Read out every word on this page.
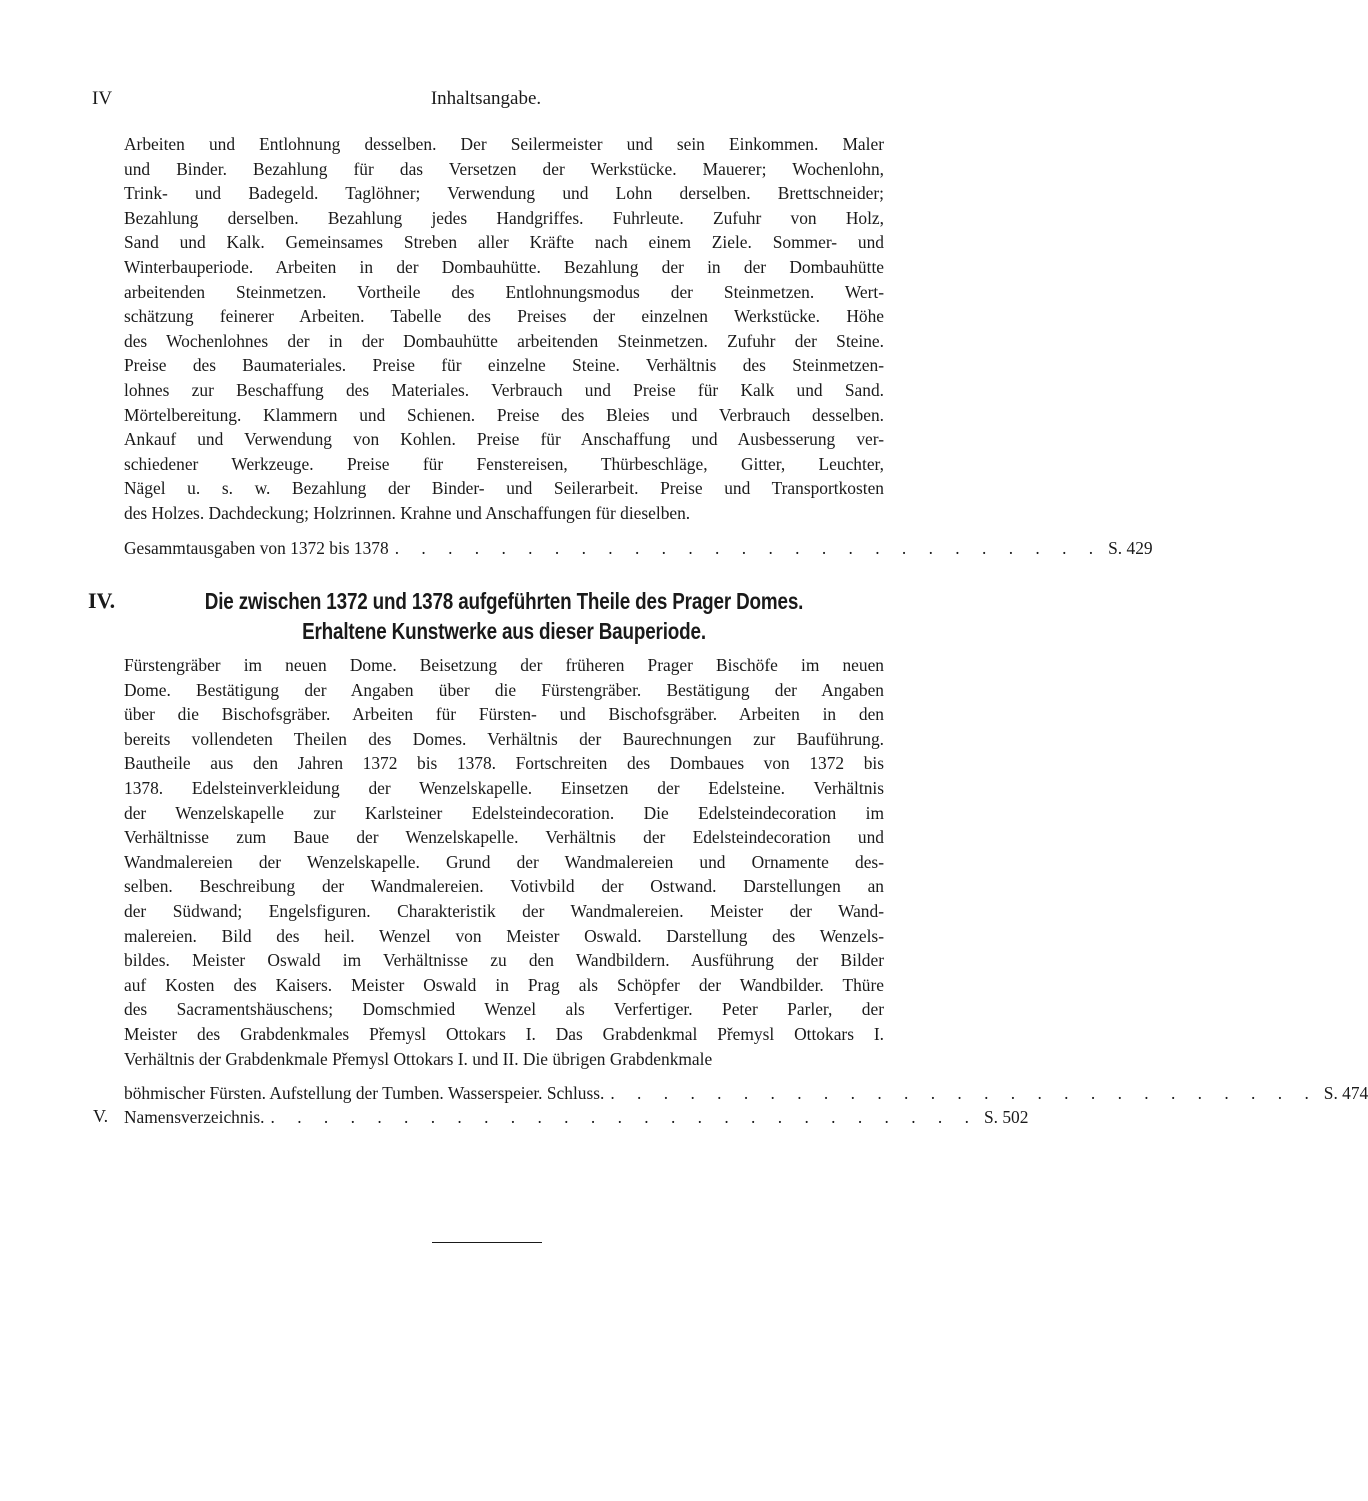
IV	Inhaltsangabe.
Arbeiten und Entlohnung desselben. Der Seilermeister und sein Einkommen. Maler
und Binder. Bezahlung für das Versetzen der Werkstücke. Mauerer; Wochenlohn,
Trink- und Badegeld. Taglöhner; Verwendung und Lohn derselben. Brettschneider;
Bezahlung derselben. Bezahlung jedes Handgriffes. Fuhrleute. Zufuhr von Holz,
Sand und Kalk. Gemeinsames Streben aller Kräfte nach einem Ziele. Sommer- und
Winterbauperiode. Arbeiten in der Dombauhütte. Bezahlung der in der Dombauhütte
arbeitenden Steinmetzen. Vortheile des Entlohnungsmodus der Steinmetzen. Wert-
schätzung feinerer Arbeiten. Tabelle des Preises der einzelnen Werkstücke. Höhe
des Wochenlohnes der in der Dombauhütte arbeitenden Steinmetzen. Zufuhr der Steine.
Preise des Baumateriales. Preise für einzelne Steine. Verhältnis des Steinmetzen-
lohnes zur Beschaffung des Materiales. Verbrauch und Preise für Kalk und Sand.
Mörtelbereitung. Klammern und Schienen. Preise des Bleies und Verbrauch desselben.
Ankauf und Verwendung von Kohlen. Preise für Anschaffung und Ausbesserung ver-
schiedener Werkzeuge. Preise für Fenstereisen, Thürbeschläge, Gitter, Leuchter,
Nägel u. s. w. Bezahlung der Binder- und Seilerarbeit. Preise und Transportkosten
des Holzes. Dachdeckung; Holzrinnen. Krahne und Anschaffungen für dieselben.
Gesammtausgaben von 1372 bis 1378 . . . . . . . . . . . . . . . . . . . . . . . . . . . S. 429
IV.	Die zwischen 1372 und 1378 aufgeführten Theile des Prager Domes.
Erhaltene Kunstwerke aus dieser Bauperiode.
Fürstengräber im neuen Dome. Beisetzung der früheren Prager Bischöfe im neuen
Dome. Bestätigung der Angaben über die Fürstengräber. Bestätigung der Angaben
über die Bischofsgräber. Arbeiten für Fürsten- und Bischofsgräber. Arbeiten in den
bereits vollendeten Theilen des Domes. Verhältnis der Baurechnungen zur Bauführung.
Bautheile aus den Jahren 1372 bis 1378. Fortschreiten des Dombaues von 1372 bis
1378. Edelsteinverkleidung der Wenzelskapelle. Einsetzen der Edelsteine. Verhältnis
der Wenzelskapelle zur Karlsteiner Edelsteindecoration. Die Edelsteindecoration im
Verhältnisse zum Baue der Wenzelskapelle. Verhältnis der Edelsteindecoration und
Wandmalereien der Wenzelskapelle. Grund der Wandmalereien und Ornamente des-
selben. Beschreibung der Wandmalereien. Votivbild der Ostwand. Darstellungen an
der Südwand; Engelsfiguren. Charakteristik der Wandmalereien. Meister der Wand-
malereien. Bild des heil. Wenzel von Meister Oswald. Darstellung des Wenzels-
bildes. Meister Oswald im Verhältnisse zu den Wandbildern. Ausführung der Bilder
auf Kosten des Kaisers. Meister Oswald in Prag als Schöpfer der Wandbilder. Thüre
des Sacramentshäuschens; Domschmied Wenzel als Verfertiger. Peter Parler, der
Meister des Grabdenkmales Přemysl Ottokars I. Das Grabdenkmal Přemysl Ottokars I.
Verhältnis der Grabdenkmale Přemysl Ottokars I. und II. Die übrigen Grabdenkmale
böhmischer Fürsten. Aufstellung der Tumben. Wasserspeier. Schluss. . . . . . . . . . . . . . . . . . . . . . . . . . . . S. 474
V. Namensverzeichnis. . . . . . . . . . . . . . . . . . . . . . . . . . . . S. 502
